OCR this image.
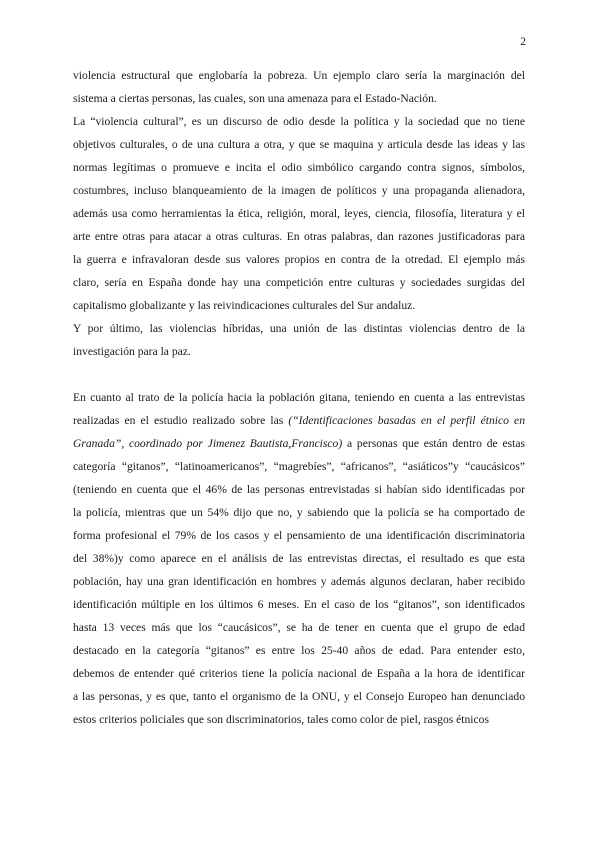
2
violencia estructural que englobaría la pobreza. Un ejemplo claro sería la marginación del
sistema a ciertas personas, las cuales, son una amenaza para el Estado-Nación.
La “violencia cultural”, es un discurso de odio desde la política y la sociedad que no tiene
objetivos culturales, o de una cultura a otra, y que se maquina y articula desde las ideas y las
normas legítimas o promueve e incita el odio simbólico cargando contra signos, símbolos,
costumbres, incluso blanqueamiento de la imagen de políticos y una propaganda alienadora,
además usa como herramientas la ética, religión, moral, leyes, ciencia, filosofía, literatura y el
arte entre otras para atacar a otras culturas. En otras palabras, dan razones justificadoras para
la guerra e infravaloran desde sus valores propios en contra de la otredad. El ejemplo más
claro, sería en España donde hay una competición entre culturas y sociedades surgidas del
capitalismo globalizante y las reivindicaciones culturales del Sur andaluz.
Y por último, las violencias híbridas, una unión de las distintas violencias dentro de la
investigación para la paz.
En cuanto al trato de la policía hacia la población gitana, teniendo en cuenta a las entrevistas
realizadas en el estudio realizado sobre las (“Identificaciones basadas en el perfil étnico en
Granada”, coordinado por Jimenez Bautista,Francisco) a personas que están dentro de estas
categoría “gitanos”, “latinoamericanos”, “magrebíes”, “africanos”, “asiáticos”y “caucásicos”
(teniendo en cuenta que el 46% de las personas entrevistadas si habían sido identificadas por
la policía, mientras que un 54% dijo que no, y sabiendo que la policía se ha comportado de
forma profesional el 79% de los casos y el pensamiento de una identificación discriminatoria
del 38%)y como aparece en el análisis de las entrevistas directas, el resultado es que esta
población, hay una gran identificación en hombres y además algunos declaran, haber recibido
identificación múltiple en los últimos 6 meses. En el caso de los “gitanos”, son identificados
hasta 13 veces más que los “caucásicos”, se ha de tener en cuenta que el grupo de edad
destacado en la categoría “gitanos” es entre los 25-40 años de edad. Para entender esto,
debemos de entender qué criterios tiene la policía nacional de España a la hora de identificar
a las personas, y es que, tanto el organismo de la ONU, y el Consejo Europeo han denunciado
estos criterios policiales que son discriminatorios, tales como color de piel, rasgos étnicos
